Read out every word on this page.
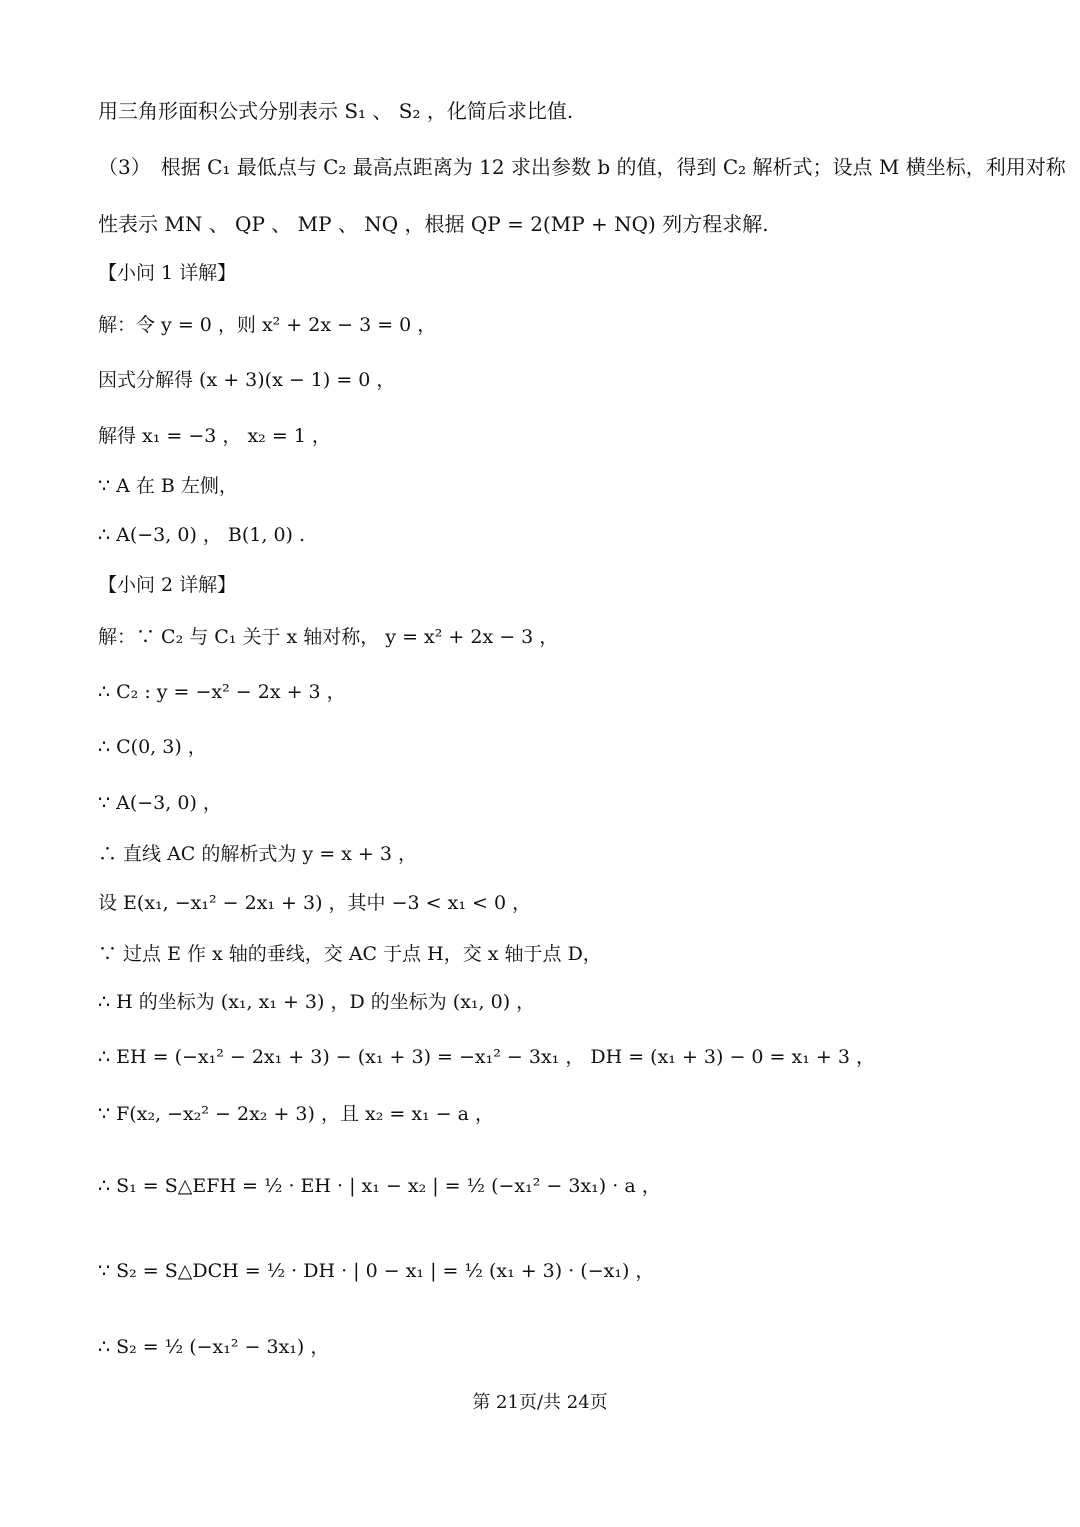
用三角形面积公式分别表示 S₁ 、 S₂ ，化简后求比值.
（3）　根据 C₁ 最低点与 C₂ 最高点距离为 12 求出参数 b 的值，得到 C₂ 解析式；设点 M 横坐标，利用对称
性表示 MN 、 QP 、 MP 、 NQ ，根据 QP = 2(MP + NQ) 列方程求解.
【小问 1 详解】
解：令 y = 0 ，则 x² + 2x − 3 = 0 ，
因式分解得 (x + 3)(x − 1) = 0 ，
解得 x₁ = −3 ， x₂ = 1 ，
∵ A 在 B 左侧，
∴ A(−3, 0) ， B(1, 0) .
【小问 2 详解】
解：∵ C₂ 与 C₁ 关于 x 轴对称， y = x² + 2x − 3 ，
∴ C₂ : y = −x² − 2x + 3 ，
∴ C(0, 3) ，
∵ A(−3, 0) ，
∴ 直线 AC 的解析式为 y = x + 3 ，
设 E(x₁, −x₁² − 2x₁ + 3) ，其中 −3 < x₁ < 0 ，
∵ 过点 E 作 x 轴的垂线，交 AC 于点 H，交 x 轴于点 D，
∴ H 的坐标为 (x₁, x₁ + 3) ，D 的坐标为 (x₁, 0) ，
∴ EH = (−x₁² − 2x₁ + 3) − (x₁ + 3) = −x₁² − 3x₁ ， DH = (x₁ + 3) − 0 = x₁ + 3 ，
∵ F(x₂, −x₂² − 2x₂ + 3) ，且 x₂ = x₁ − a ，
∴ S₁ = S△EFH = ½ · EH · | x₁ − x₂ | = ½ (−x₁² − 3x₁) · a ，
∵ S₂ = S△DCH = ½ · DH · | 0 − x₁ | = ½ (x₁ + 3) · (−x₁) ，
∴ S₂ = ½ (−x₁² − 3x₁) ，
第 21页/共 24页
